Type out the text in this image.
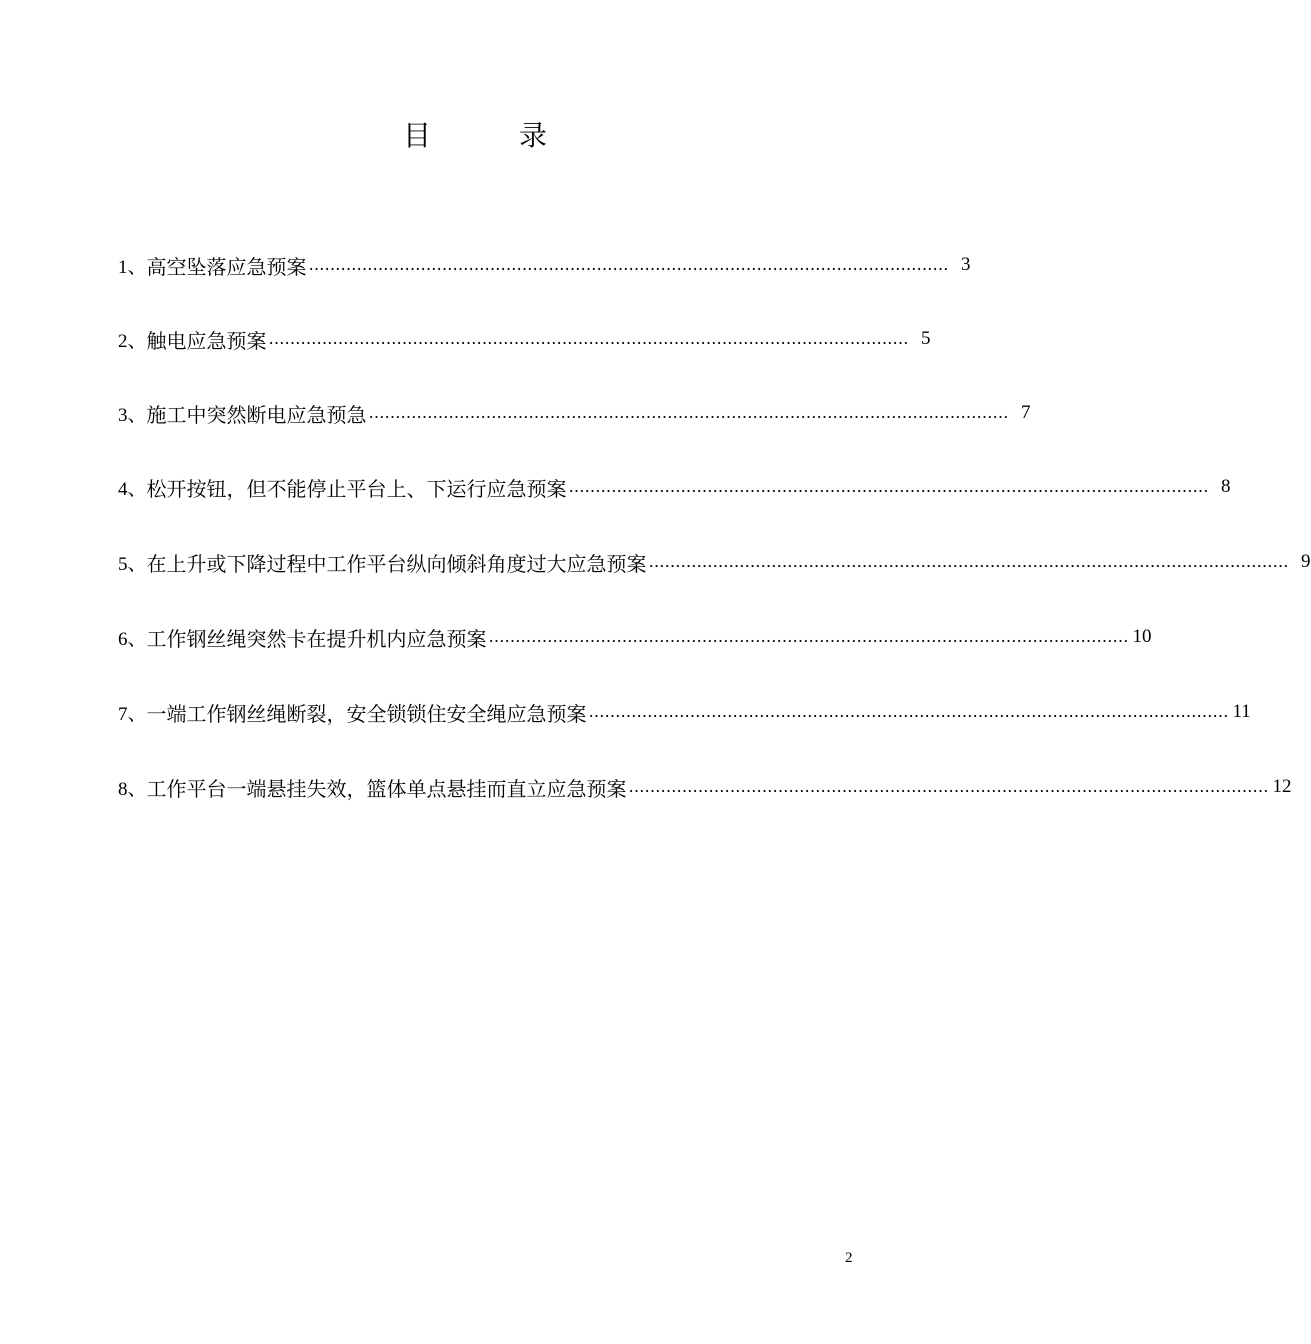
目	录
1、 高空坠落应急预案 ………………………………………………………………………………………………………… 3
2、 触电应急预案 ………………………………………………………………………………………………………… 5
3、 施工中突然断电应急预急 ………………………………………………………………………………………………………… 7
4、 松开按钮，但不能停止平台上、下运行应急预案 ………………………………………………………………………………………………………… 8
5、 在上升或下降过程中工作平台纵向倾斜角度过大应急预案 ………………………………………………………………………………………………………… 9
6、 工作钢丝绳突然卡在提升机内应急预案 ………………………………………………………………………………………………………… 10
7、 一端工作钢丝绳断裂，安全锁锁住安全绳应急预案 ………………………………………………………………………………………………………… 11
8、 工作平台一端悬挂失效，篮体单点悬挂而直立应急预案 ………………………………………………………………………………………………………… 12
2
